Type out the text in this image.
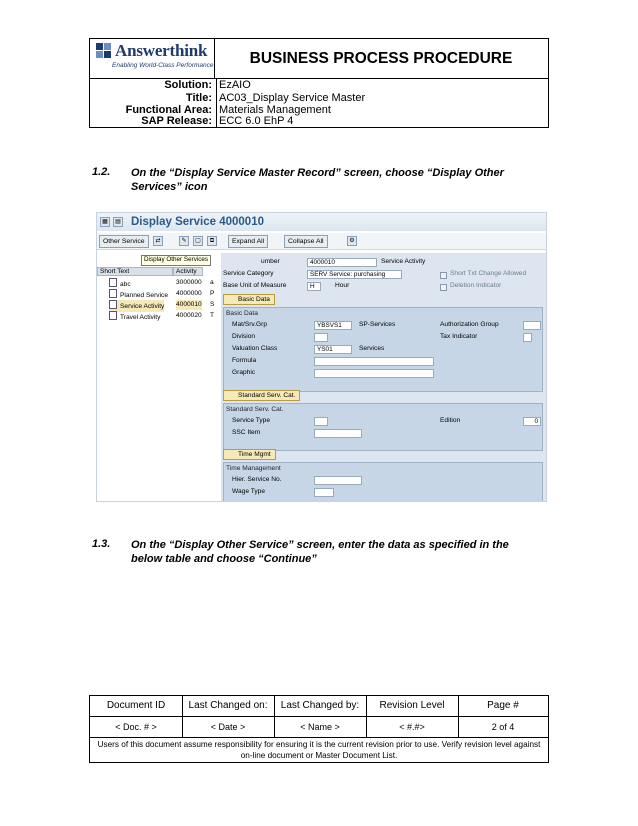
Answerthink
Enabling World-Class Performance	BUSINESS PROCESS PROCEDURE
Solution: EzAIO
Title: AC03_Display Service Master
Functional Area: Materials Management
SAP Release: ECC 6.0 EhP 4
1.2. On the “Display Service Master Record” screen, choose “Display Other Services” icon
▦	▤ Display Service 4000010
Other Service	⇄	✎	▢	⧉	Expand All	Collapse All	⚙
Display Other Services
Short Text	Activity
abc	3000000 a
Planned Service 4000000 P
Service Activity 4000010 S
Travel Activity 4000020 T
umber	4000010	Service Activity
Service Category	SERV Service: purchasing	Short Txt Change Allowed
Base Unit of Measure	H	Hour	Deletion Indicator
Basic Data
Basic Data
Mat/Srv.Grp	YBSVS1	SP-Services	Authorization Group
Division	Tax Indicator
Valuation Class	YS01	Services
Formula
Graphic
Standard Serv. Cat.
Standard Serv. Cat.
Service Type	Edition	0
SSC Item
Time Mgmt
Time Management
Hier. Service No.
Wage Type
1.3. On the “Display Other Service” screen, enter the data as specified in the below table and choose “Continue”
Document ID	Last Changed on:	Last Changed by:	Revision Level	Page #
< Doc. # >	< Date >	< Name >	< #.#>	2 of 4
Users of this document assume responsibility for ensuring it is the current revision prior to use. Verify revision level against on-line document or Master Document List.
